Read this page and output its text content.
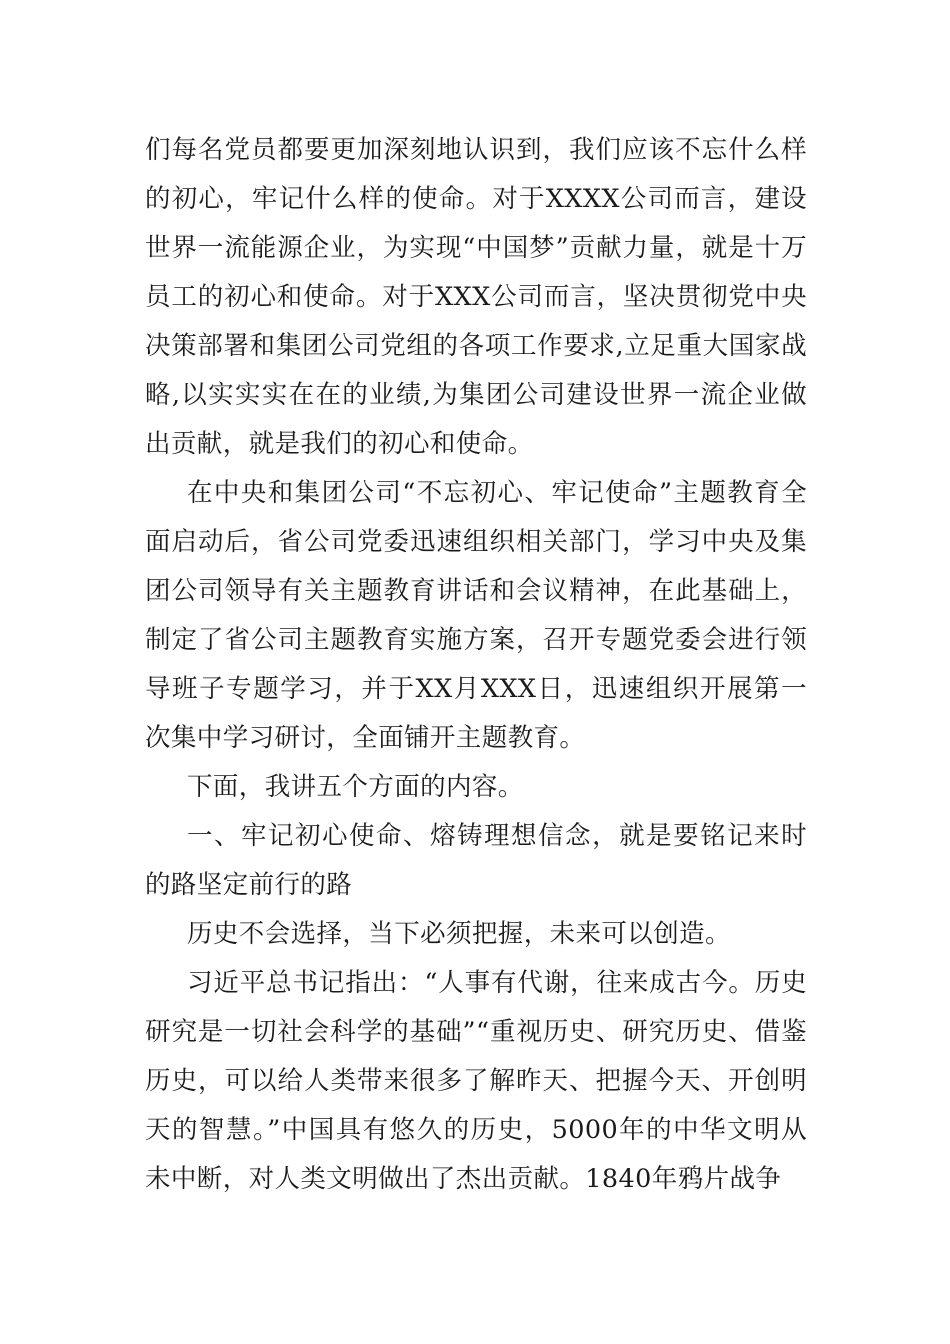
们每名党员都要更加深刻地认识到，我们应该不忘什么样的初心，牢记什么样的使命。对于XXXX公司而言，建设世界一流能源企业，为实现“中国梦”贡献力量，就是十万员工的初心和使命。对于XXX公司而言，坚决贯彻党中央决策部署和集团公司党组的各项工作要求,立足重大国家战略,以实实实在在的业绩,为集团公司建设世界一流企业做出贡献，就是我们的初心和使命。

在中央和集团公司“不忘初心、牢记使命”主题教育全面启动后，省公司党委迅速组织相关部门，学习中央及集团公司领导有关主题教育讲话和会议精神，在此基础上，制定了省公司主题教育实施方案，召开专题党委会进行领导班子专题学习，并于XX月XXX日，迅速组织开展第一次集中学习研讨，全面铺开主题教育。

下面，我讲五个方面的内容。

一、牢记初心使命、熔铸理想信念，就是要铭记来时的路坚定前行的路

历史不会选择，当下必须把握，未来可以创造。

习近平总书记指出：“人事有代谢，往来成古今。历史研究是一切社会科学的基础”“重视历史、研究历史、借鉴历史，可以给人类带来很多了解昨天、把握今天、开创明天的智慧。”中国具有悠久的历史，5000年的中华文明从未中断，对人类文明做出了杰出贡献。1840年鸦片战争
